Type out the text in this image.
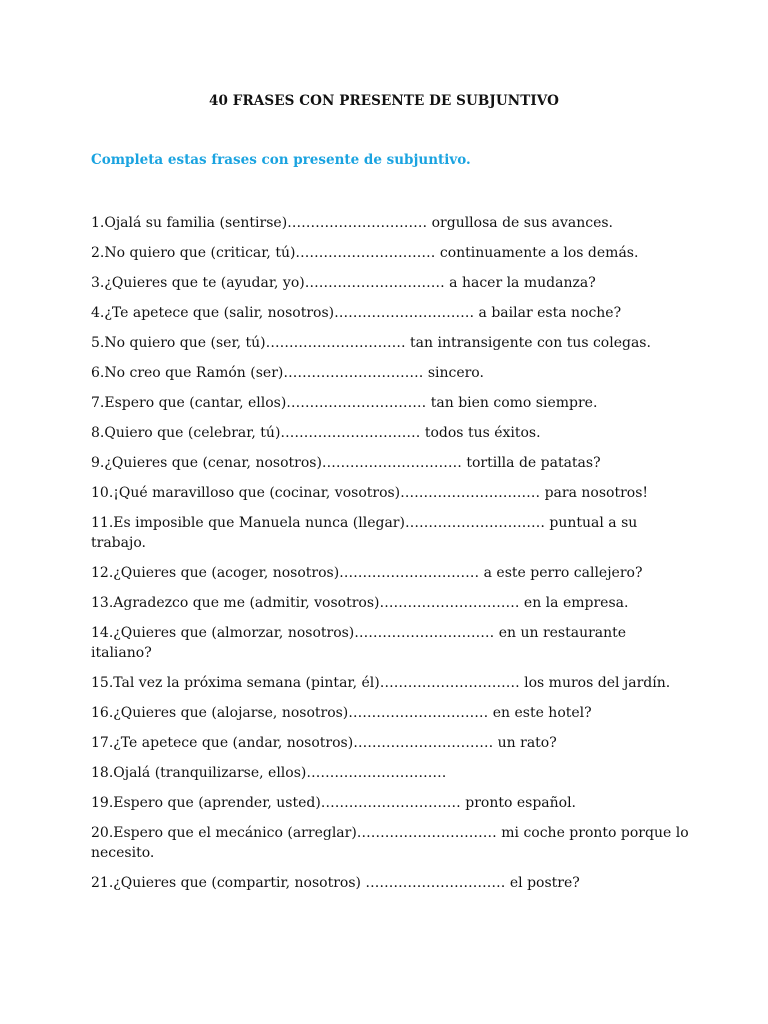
40 FRASES CON PRESENTE DE SUBJUNTIVO
Completa estas frases con presente de subjuntivo.
1.Ojalá su familia (sentirse)………………………… orgullosa de sus avances.
2.No quiero que (criticar, tú)………………………… continuamente a los demás.
3.¿Quieres que te (ayudar, yo)………………………… a hacer la mudanza?
4.¿Te apetece que (salir, nosotros)………………………… a bailar esta noche?
5.No quiero que (ser, tú)………………………… tan intransigente con tus colegas.
6.No creo que Ramón (ser)………………………… sincero.
7.Espero que (cantar, ellos)………………………… tan bien como siempre.
8.Quiero que (celebrar, tú)………………………… todos tus éxitos.
9.¿Quieres que (cenar, nosotros)………………………… tortilla de patatas?
10.¡Qué maravilloso que (cocinar, vosotros)………………………… para nosotros!
11.Es imposible que Manuela nunca (llegar)………………………… puntual a su trabajo.
12.¿Quieres que (acoger, nosotros)………………………… a este perro callejero?
13.Agradezco que me (admitir, vosotros)………………………… en la empresa.
14.¿Quieres que (almorzar, nosotros)………………………… en un restaurante italiano?
15.Tal vez la próxima semana (pintar, él)………………………… los muros del jardín.
16.¿Quieres que (alojarse, nosotros)………………………… en este hotel?
17.¿Te apetece que (andar, nosotros)………………………… un rato?
18.Ojalá (tranquilizarse, ellos)…………………………
19.Espero que (aprender, usted)………………………… pronto español.
20.Espero que el mecánico (arreglar)………………………… mi coche pronto porque lo necesito.
21.¿Quieres que (compartir, nosotros) ………………………… el postre?
